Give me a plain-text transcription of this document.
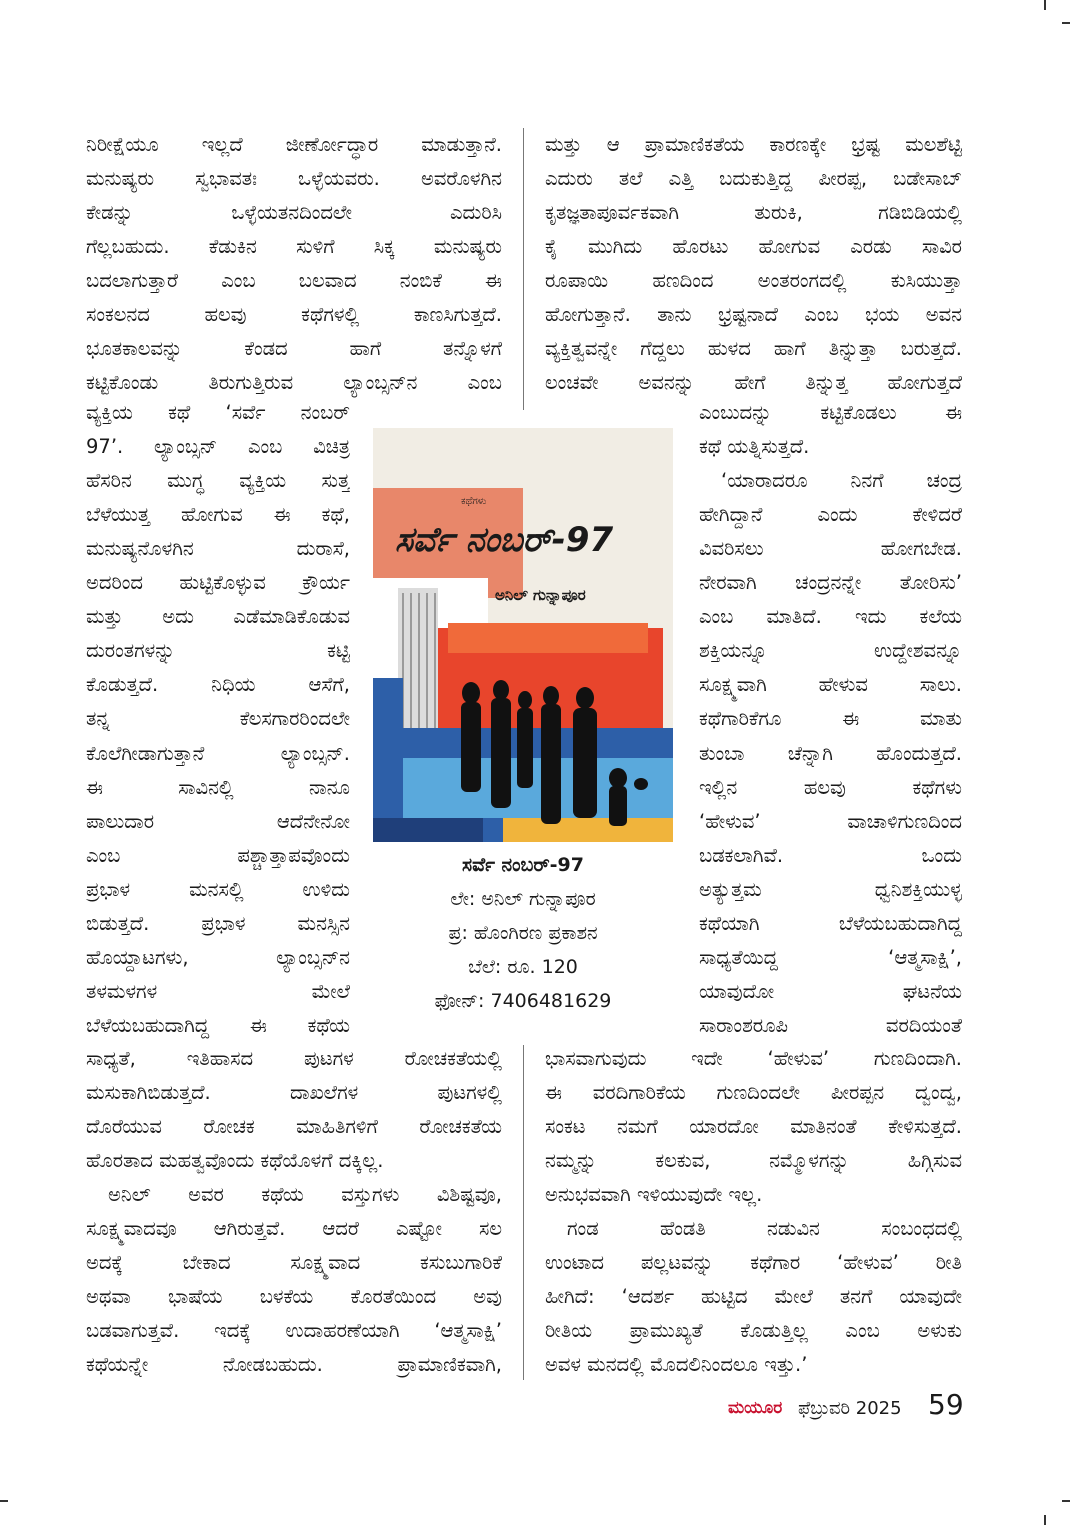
ನಿರೀಕ್ಷೆಯೂ ಇಲ್ಲದೆ ಜೀರ್ಣೋದ್ಧಾರ ಮಾಡುತ್ತಾನೆ.
ಮನುಷ್ಯರು ಸ್ವಭಾವತಃ ಒಳ್ಳೆಯವರು. ಅವರೊಳಗಿನ
ಕೇಡನ್ನು ಒಳ್ಳೆಯತನದಿಂದಲೇ ಎದುರಿಸಿ
ಗೆಲ್ಲಬಹುದು. ಕೆಡುಕಿನ ಸುಳಿಗೆ ಸಿಕ್ಕ ಮನುಷ್ಯರು
ಬದಲಾಗುತ್ತಾರೆ ಎಂಬ ಬಲವಾದ ನಂಬಿಕೆ ಈ
ಸಂಕಲನದ ಹಲವು ಕಥೆಗಳಲ್ಲಿ ಕಾಣಸಿಗುತ್ತದೆ.
ಭೂತಕಾಲವನ್ನು ಕೆಂಡದ ಹಾಗೆ ತನ್ನೊಳಗೆ
ಕಟ್ಟಿಕೊಂಡು ತಿರುಗುತ್ತಿರುವ ಲ್ಯಾಂಬ್ಸನ್‌ನ ಎಂಬ
ವ್ಯಕ್ತಿಯ ಕಥೆ ‘ಸರ್ವೆ ನಂಬರ್
97’. ಲ್ಯಾಂಬ್ಸನ್ ಎಂಬ ವಿಚಿತ್ರ
ಹೆಸರಿನ ಮುಗ್ಧ ವ್ಯಕ್ತಿಯ ಸುತ್ತ
ಬೆಳೆಯುತ್ತ ಹೋಗುವ ಈ ಕಥೆ,
ಮನುಷ್ಯನೊಳಗಿನ ದುರಾಸೆ,
ಅದರಿಂದ ಹುಟ್ಟಿಕೊಳ್ಳುವ ಕ್ರೌರ್ಯ
ಮತ್ತು ಅದು ಎಡೆಮಾಡಿಕೊಡುವ
ದುರಂತಗಳನ್ನು ಕಟ್ಟಿ
ಕೊಡುತ್ತದೆ. ನಿಧಿಯ ಆಸೆಗೆ,
ತನ್ನ ಕೆಲಸಗಾರರಿಂದಲೇ
ಕೊಲೆಗೀಡಾಗುತ್ತಾನೆ ಲ್ಯಾಂಬ್ಸನ್.
ಈ ಸಾವಿನಲ್ಲಿ ನಾನೂ
ಪಾಲುದಾರ ಆದೆನೇನೋ
ಎಂಬ ಪಶ್ಚಾತ್ತಾಪವೊಂದು
ಪ್ರಭಾಳ ಮನಸಲ್ಲಿ ಉಳಿದು
ಬಿಡುತ್ತದೆ. ಪ್ರಭಾಳ ಮನಸ್ಸಿನ
ಹೊಯ್ದಾಟಗಳು, ಲ್ಯಾಂಬ್ಸನ್‌ನ
ತಳಮಳಗಳ ಮೇಲೆ
ಬೆಳೆಯಬಹುದಾಗಿದ್ದ ಈ ಕಥೆಯ
ಸಾಧ್ಯತೆ, ಇತಿಹಾಸದ ಪುಟಗಳ ರೋಚಕತೆಯಲ್ಲಿ
ಮಸುಕಾಗಿಬಿಡುತ್ತದೆ. ದಾಖಲೆಗಳ ಪುಟಗಳಲ್ಲಿ
ದೊರೆಯುವ ರೋಚಕ ಮಾಹಿತಿಗಳಿಗೆ ರೋಚಕತೆಯ
ಹೊರತಾದ ಮಹತ್ವವೊಂದು ಕಥೆಯೊಳಗೆ ದಕ್ಕಿಲ್ಲ.
ಅನಿಲ್ ಅವರ ಕಥೆಯ ವಸ್ತುಗಳು ವಿಶಿಷ್ಟವೂ,
ಸೂಕ್ಷ್ಮವಾದವೂ ಆಗಿರುತ್ತವೆ. ಆದರೆ ಎಷ್ಟೋ ಸಲ
ಅದಕ್ಕೆ ಬೇಕಾದ ಸೂಕ್ಷ್ಮವಾದ ಕಸುಬುಗಾರಿಕೆ
ಅಥವಾ ಭಾಷೆಯ ಬಳಕೆಯ ಕೊರತೆಯಿಂದ ಅವು
ಬಡವಾಗುತ್ತವೆ. ಇದಕ್ಕೆ ಉದಾಹರಣೆಯಾಗಿ ‘ಆತ್ಮಸಾಕ್ಷಿ’
ಕಥೆಯನ್ನೇ ನೋಡಬಹುದು. ಪ್ರಾಮಾಣಿಕವಾಗಿ,
ಮತ್ತು ಆ ಪ್ರಾಮಾಣಿಕತೆಯ ಕಾರಣಕ್ಕೇ ಭ್ರಷ್ಟ ಮಲಶೆಟ್ಟಿ
ಎದುರು ತಲೆ ಎತ್ತಿ ಬದುಕುತ್ತಿದ್ದ ಪೀರಪ್ಪ, ಬಡೇಸಾಬ್
ಕೃತಜ್ಞತಾಪೂರ್ವಕವಾಗಿ ತುರುಕಿ, ಗಡಿಬಿಡಿಯಲ್ಲಿ
ಕೈ ಮುಗಿದು ಹೊರಟು ಹೋಗುವ ಎರಡು ಸಾವಿರ
ರೂಪಾಯಿ ಹಣದಿಂದ ಅಂತರಂಗದಲ್ಲಿ ಕುಸಿಯುತ್ತಾ
ಹೋಗುತ್ತಾನೆ. ತಾನು ಭ್ರಷ್ಟನಾದೆ ಎಂಬ ಭಯ ಅವನ
ವ್ಯಕ್ತಿತ್ವವನ್ನೇ ಗೆದ್ದಲು ಹುಳದ ಹಾಗೆ ತಿನ್ನುತ್ತಾ ಬರುತ್ತದೆ.
ಲಂಚವೇ ಅವನನ್ನು ಹೇಗೆ ತಿನ್ನುತ್ತ ಹೋಗುತ್ತದೆ
ಎಂಬುದನ್ನು ಕಟ್ಟಿಕೊಡಲು ಈ
ಕಥೆ ಯತ್ನಿಸುತ್ತದೆ.
‘ಯಾರಾದರೂ ನಿನಗೆ ಚಂದ್ರ
ಹೇಗಿದ್ದಾನೆ ಎಂದು ಕೇಳಿದರೆ
ವಿವರಿಸಲು ಹೋಗಬೇಡ.
ನೇರವಾಗಿ ಚಂದ್ರನನ್ನೇ ತೋರಿಸು’
ಎಂಬ ಮಾತಿದೆ. ಇದು ಕಲೆಯ
ಶಕ್ತಿಯನ್ನೂ ಉದ್ದೇಶವನ್ನೂ
ಸೂಕ್ಷ್ಮವಾಗಿ ಹೇಳುವ ಸಾಲು.
ಕಥೆಗಾರಿಕೆಗೂ ಈ ಮಾತು
ತುಂಬಾ ಚೆನ್ನಾಗಿ ಹೊಂದುತ್ತದೆ.
ಇಲ್ಲಿನ ಹಲವು ಕಥೆಗಳು
‘ಹೇಳುವ’ ವಾಚಾಳಿಗುಣದಿಂದ
ಬಡಕಲಾಗಿವೆ. ಒಂದು
ಅತ್ಯುತ್ತಮ ಧ್ವನಿಶಕ್ತಿಯುಳ್ಳ
ಕಥೆಯಾಗಿ ಬೆಳೆಯಬಹುದಾಗಿದ್ದ
ಸಾಧ್ಯತೆಯಿದ್ದ ‘ಆತ್ಮಸಾಕ್ಷಿ’,
ಯಾವುದೋ ಘಟನೆಯ
ಸಾರಾಂಶರೂಪಿ ವರದಿಯಂತೆ
ಭಾಸವಾಗುವುದು ಇದೇ ‘ಹೇಳುವ’ ಗುಣದಿಂದಾಗಿ.
ಈ ವರದಿಗಾರಿಕೆಯ ಗುಣದಿಂದಲೇ ಪೀರಪ್ಪನ ದ್ವಂದ್ವ,
ಸಂಕಟ ನಮಗೆ ಯಾರದೋ ಮಾತಿನಂತೆ ಕೇಳಿಸುತ್ತದೆ.
ನಮ್ಮನ್ನು ಕಲಕುವ, ನಮ್ಮೊಳಗನ್ನು ಹಿಗ್ಗಿಸುವ
ಅನುಭವವಾಗಿ ಇಳಿಯುವುದೇ ಇಲ್ಲ.
ಗಂಡ ಹೆಂಡತಿ ನಡುವಿನ ಸಂಬಂಧದಲ್ಲಿ
ಉಂಟಾದ ಪಲ್ಲಟವನ್ನು ಕಥೆಗಾರ ‘ಹೇಳುವ’ ರೀತಿ
ಹೀಗಿದೆ: ‘ಆದರ್ಶ ಹುಟ್ಟಿದ ಮೇಲೆ ತನಗೆ ಯಾವುದೇ
ರೀತಿಯ ಪ್ರಾಮುಖ್ಯತೆ ಕೊಡುತ್ತಿಲ್ಲ ಎಂಬ ಅಳುಕು
ಅವಳ ಮನದಲ್ಲಿ ಮೊದಲಿನಿಂದಲೂ ಇತ್ತು.’
ಸರ್ವೆ ನಂಬರ್-97
ಕಥೆಗಳು
ಅನಿಲ್ ಗುನ್ನಾಪೂರ
ಸರ್ವೆ ನಂಬರ್-97
ಲೇ: ಅನಿಲ್ ಗುನ್ನಾಪೂರ
ಪ್ರ: ಹೊಂಗಿರಣ ಪ್ರಕಾಶನ
ಬೆಲೆ: ರೂ. 120
ಫೋನ್: 7406481629
ಮಯೂರ ಫೆಬ್ರುವರಿ 2025 59
